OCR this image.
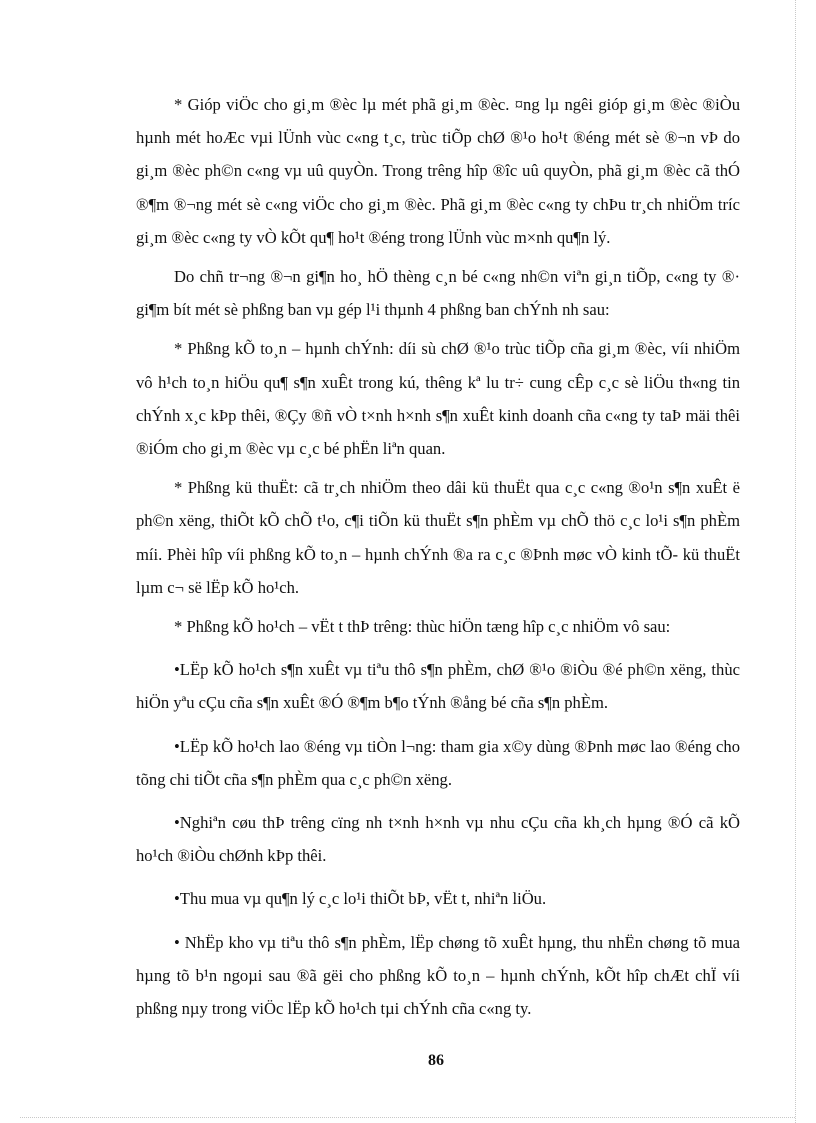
* Gióp viÖc cho gi¸m ®èc lµ mét phã gi¸m ®èc. ¤ng lµ ngêi gióp gi¸m ®èc ®iÒu hµnh mét hoÆc vµi lÜnh vùc c«ng t¸c, trùc tiÕp chØ ®¹o ho¹t ®éng mét sè ®¬n vÞ do gi¸m ®èc ph©n c«ng vµ uû quyÒn. Trong trêng hîp ®îc uû quyÒn, phã gi¸m ®èc cã thÓ ®¶m ®¬ng mét sè c«ng viÖc cho gi¸m ®èc. Phã gi¸m ®èc c«ng ty chÞu tr¸ch nhiÖm tríc gi¸m ®èc c«ng ty vÒ kÕt qu¶ ho¹t ®éng trong lÜnh vùc m×nh qu¶n lý.

Do chñ tr¬ng ®¬n gi¶n ho¸ hÖ thèng c¸n bé c«ng nh©n viªn gi¸n tiÕp, c«ng ty ®· gi¶m bít mét sè phßng ban vµ gép l¹i thµnh 4 phßng ban chÝnh nh sau:

* Phßng kÕ to¸n – hµnh chÝnh: díi sù chØ ®¹o trùc tiÕp cña gi¸m ®èc, víi nhiÖm vô h¹ch to¸n hiÖu qu¶ s¶n xuÊt trong kú, thêng kª lu tr÷ cung cÊp c¸c sè liÖu th«ng tin chÝnh x¸c kÞp thêi, ®Çy ®ñ vÒ t×nh h×nh s¶n xuÊt kinh doanh cña c«ng ty taÞ mäi thêi ®iÓm cho gi¸m ®èc vµ c¸c bé phËn liªn quan.

* Phßng kü thuËt: cã tr¸ch nhiÖm theo dâi kü thuËt qua c¸c c«ng ®o¹n s¶n xuÊt ë ph©n xëng, thiÕt kÕ chÕ t¹o, c¶i tiÕn kü thuËt s¶n phÈm vµ chÕ thö c¸c lo¹i s¶n phÈm míi. Phèi hîp víi phßng kÕ to¸n – hµnh chÝnh ®a ra c¸c ®Þnh møc vÒ kinh tÕ- kü thuËt lµm c¬ së lËp kÕ ho¹ch.

* Phßng kÕ ho¹ch – vËt t thÞ trêng: thùc hiÖn tæng hîp c¸c nhiÖm vô sau:

•LËp kÕ ho¹ch s¶n xuÊt vµ tiªu thô s¶n phÈm, chØ ®¹o ®iÒu ®é ph©n xëng, thùc hiÖn yªu cÇu cña s¶n xuÊt ®Ó ®¶m b¶o tÝnh ®ång bé cña s¶n phÈm.

•LËp kÕ ho¹ch lao ®éng vµ tiÒn l¬ng: tham gia x©y dùng ®Þnh møc lao ®éng cho tõng chi tiÕt cña s¶n phÈm qua c¸c ph©n xëng.

•Nghiªn cøu thÞ trêng cïng nh t×nh h×nh vµ nhu cÇu cña kh¸ch hµng ®Ó cã kÕ ho¹ch ®iÒu chØnh kÞp thêi.

•Thu mua vµ qu¶n lý c¸c lo¹i thiÕt bÞ, vËt t, nhiªn liÖu.

• NhËp kho vµ tiªu thô s¶n phÈm, lËp chøng tõ xuÊt hµng, thu nhËn chøng tõ mua hµng tõ b¹n ngoµi sau ®ã gëi cho phßng kÕ to¸n – hµnh chÝnh, kÕt hîp chÆt chÏ víi phßng nµy trong viÖc lËp kÕ ho¹ch tµi chÝnh cña c«ng ty.

86
